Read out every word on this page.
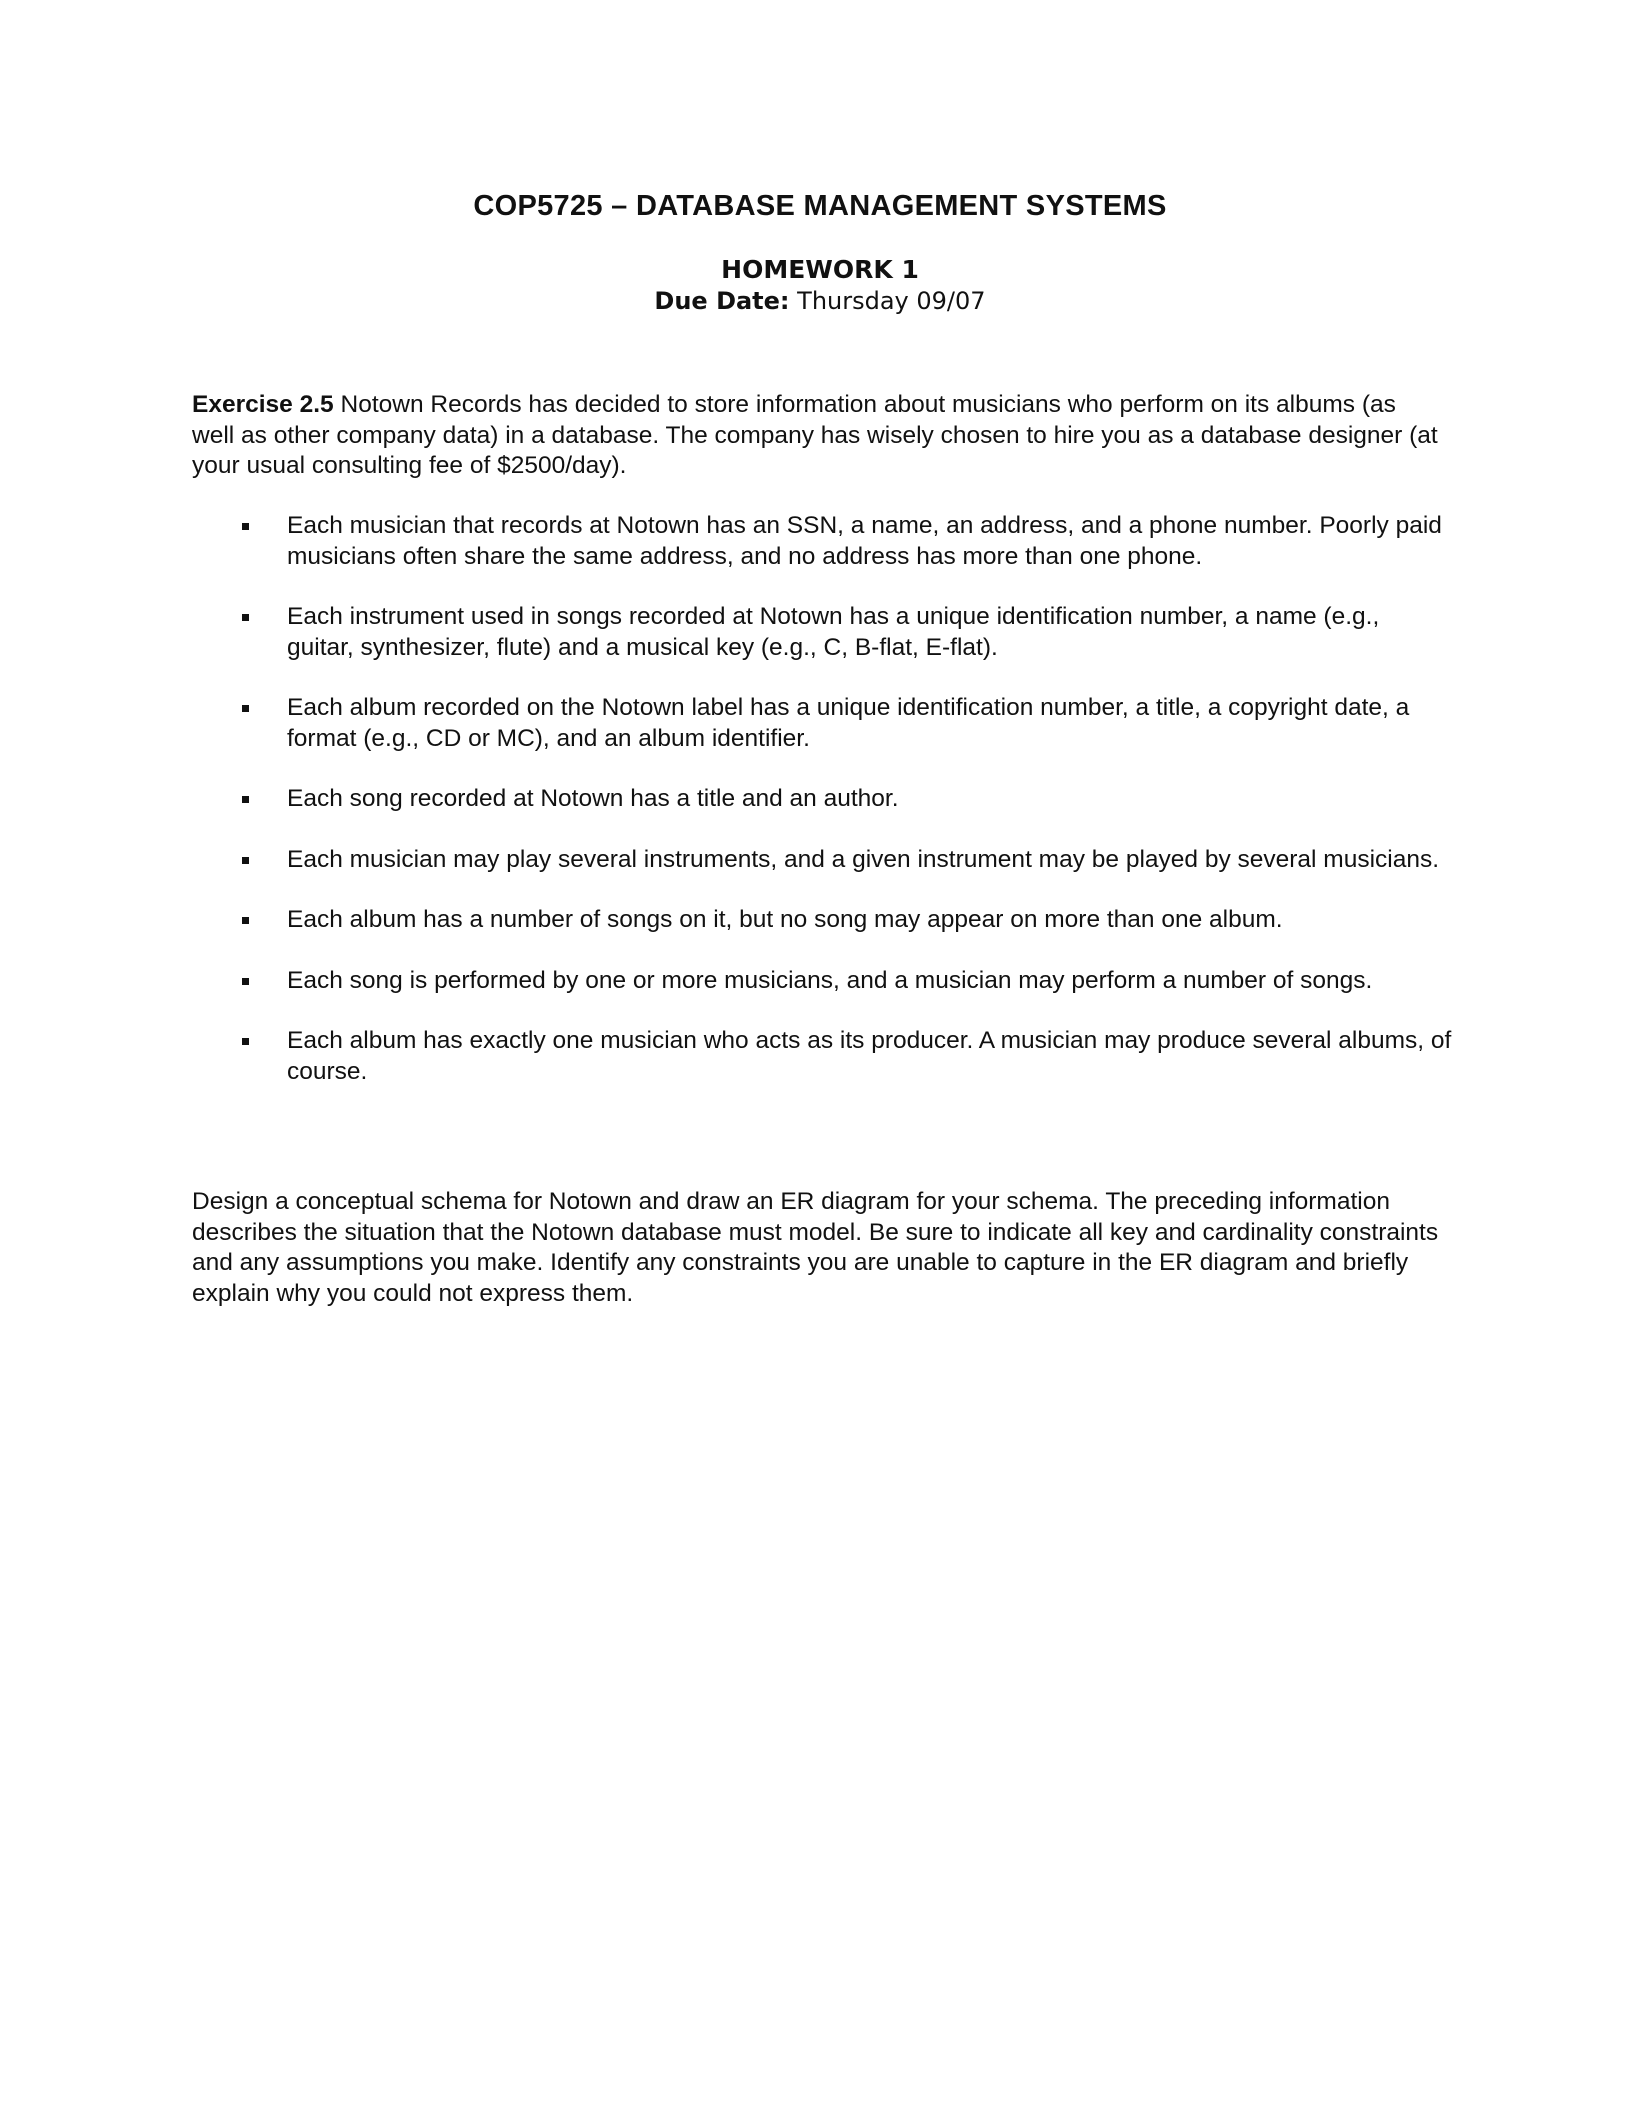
COP5725 – DATABASE MANAGEMENT SYSTEMS
HOMEWORK 1
Due Date: Thursday 09/07

Exercise 2.5 Notown Records has decided to store information about musicians who perform on its albums (as well as other company data) in a database. The company has wisely chosen to hire you as a database designer (at your usual consulting fee of $2500/day).

Each musician that records at Notown has an SSN, a name, an address, and a phone number. Poorly paid musicians often share the same address, and no address has more than one phone.
Each instrument used in songs recorded at Notown has a unique identification number, a name (e.g., guitar, synthesizer, flute) and a musical key (e.g., C, B-flat, E-flat).
Each album recorded on the Notown label has a unique identification number, a title, a copyright date, a format (e.g., CD or MC), and an album identifier.
Each song recorded at Notown has a title and an author.
Each musician may play several instruments, and a given instrument may be played by several musicians.
Each album has a number of songs on it, but no song may appear on more than one album.
Each song is performed by one or more musicians, and a musician may perform a number of songs.
Each album has exactly one musician who acts as its producer. A musician may produce several albums, of course.

Design a conceptual schema for Notown and draw an ER diagram for your schema. The preceding information describes the situation that the Notown database must model. Be sure to indicate all key and cardinality constraints and any assumptions you make. Identify any constraints you are unable to capture in the ER diagram and briefly explain why you could not express them.
